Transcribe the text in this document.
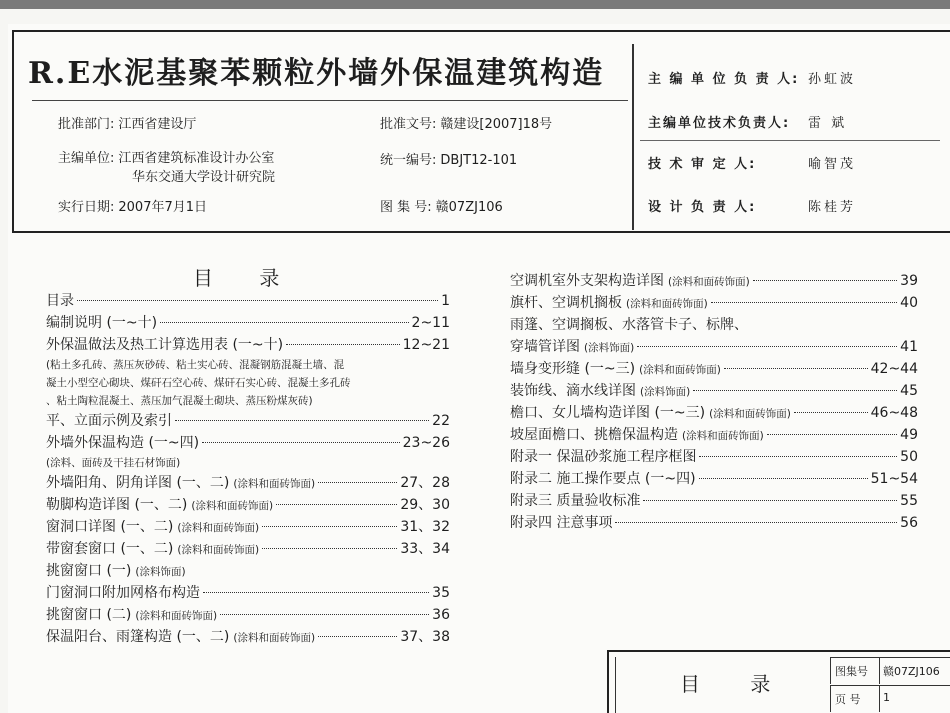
R.E水泥基聚苯颗粒外墙外保温建筑构造
批准部门: 江西省建设厅	批准文号: 赣建设[2007]18号
主编单位: 江西省建筑标准设计办公室
华东交通大学设计研究院
统一编号: DBJT12-101
实行日期: 2007年7月1日	图 集 号: 赣07ZJ106
主 编 单 位 负 责 人: 孙虹波
主编单位技术负责人: 雷 斌
技 术 审 定 人:	喻智茂
设 计 负 责 人:	陈桂芳
目 录
目录	1
编制说明 (一~十)	2~11
外保温做法及热工计算选用表 (一~十)	12~21
(粘土多孔砖、蒸压灰砂砖、粘土实心砖、混凝钢筋混凝土墙、混
凝土小型空心砌块、煤矸石空心砖、煤矸石实心砖、混凝土多孔砖
、粘土陶粒混凝土、蒸压加气混凝土砌块、蒸压粉煤灰砖)
平、立面示例及索引	22
外墙外保温构造 (一~四)	23~26
(涂料、面砖及干挂石材饰面)
外墙阳角、阴角详图 (一、二) (涂料和面砖饰面)	27、28
勒脚构造详图 (一、二) (涂料和面砖饰面)	29、30
窗洞口详图 (一、二) (涂料和面砖饰面)	31、32
带窗套窗口 (一、二) (涂料和面砖饰面)	33、34
挑窗窗口 (一) (涂料饰面)
门窗洞口附加网格布构造	35
挑窗窗口 (二) (涂料和面砖饰面)	36
保温阳台、雨篷构造 (一、二) (涂料和面砖饰面)	37、38
空调机室外支架构造详图 (涂料和面砖饰面)	39
旗杆、空调机搁板 (涂料和面砖饰面)	40
雨篷、空调搁板、水落管卡子、标牌、
穿墙管详图 (涂料饰面)	41
墙身变形缝 (一~三) (涂料和面砖饰面)	42~44
装饰线、滴水线详图 (涂料饰面)	45
檐口、女儿墙构造详图 (一~三) (涂料和面砖饰面)	46~48
坡屋面檐口、挑檐保温构造 (涂料和面砖饰面)	49
附录一 保温砂浆施工程序框图	50
附录二 施工操作要点 (一~四)	51~54
附录三 质量验收标准	55
附录四 注意事项	56
目 录
图集号 赣07ZJ106
页 号 1
